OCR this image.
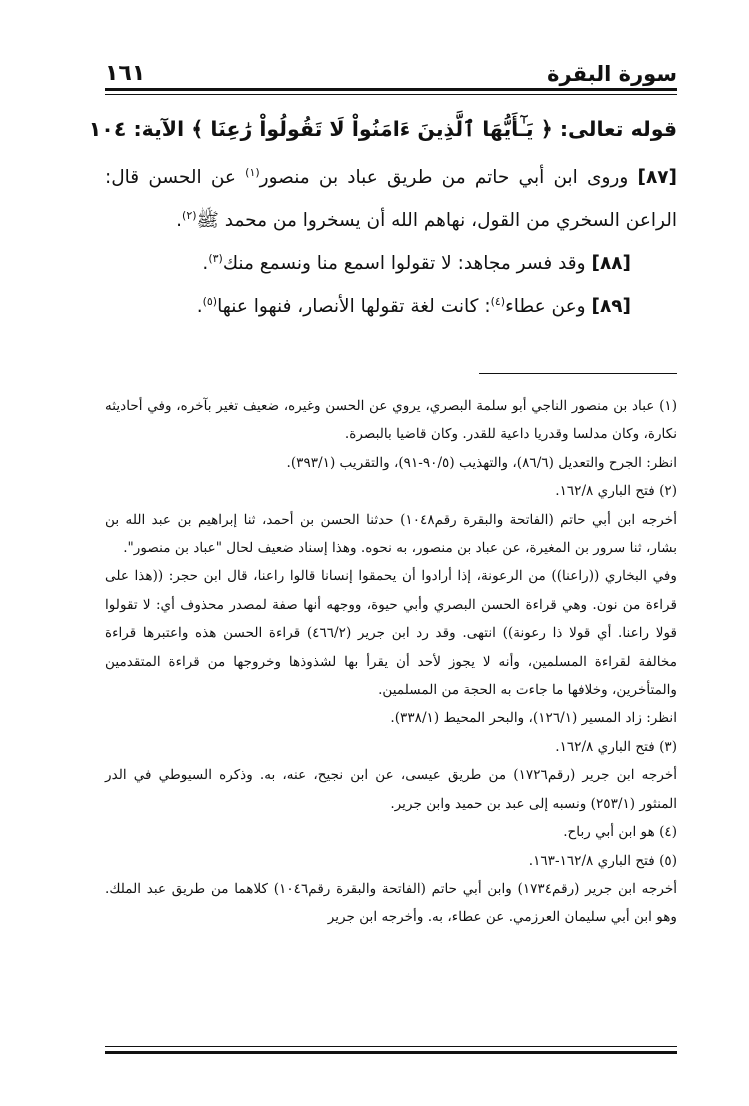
سورة البقرة
١٦١

قوله تعالى: ﴿ يَـٰٓأَيُّهَا ٱلَّذِينَ ءَامَنُواْ لَا تَقُولُواْ رَٰعِنَا ﴾ الآية: ١٠٤

[٨٧] وروى ابن أبي حاتم من طريق عباد بن منصور$^{(١)}$ عن الحسن قال: الراعن السخري من القول، نهاهم الله أن يسخروا من محمد ﷺ$^{(٢)}$.

[٨٨] وقد فسر مجاهد: لا تقولوا اسمع منا ونسمع منك$^{(٣)}$.

[٨٩] وعن عطاء$^{(٤)}$: كانت لغة تقولها الأنصار، فنهوا عنها$^{(٥)}$.

(١) عباد بن منصور الناجي أبو سلمة البصري، يروي عن الحسن وغيره، ضعيف تغير بآخره، وفي أحاديثه نكارة، وكان مدلسا وقدريا داعية للقدر. وكان قاضيا بالبصرة.

انظر: الجرح والتعديل (٨٦/٦)، والتهذيب (٩٠/٥-٩١)، والتقريب (٣٩٣/١).

(٢) فتح الباري ١٦٢/٨.

أخرجه ابن أبي حاتم (الفاتحة والبقرة رقم١٠٤٨) حدثنا الحسن بن أحمد، ثنا إبراهيم بن عبد الله بن بشار، ثنا سرور بن المغيرة، عن عباد بن منصور، به نحوه. وهذا إسناد ضعيف لحال "عباد بن منصور".

وفي البخاري ((راعنا)) من الرعونة، إذا أرادوا أن يحمقوا إنسانا قالوا راعنا، قال ابن حجر: ((هذا على قراءة من نون. وهي قراءة الحسن البصري وأبي حيوة، ووجهه أنها صفة لمصدر محذوف أي: لا تقولوا قولا راعنا. أي قولا ذا رعونة)) انتهى. وقد رد ابن جرير (٤٦٦/٢) قراءة الحسن هذه واعتبرها قراءة مخالفة لقراءة المسلمين، وأنه لا يجوز لأحد أن يقرأ بها لشذوذها وخروجها من قراءة المتقدمين والمتأخرين، وخلافها ما جاءت به الحجة من المسلمين.

انظر: زاد المسير (١٢٦/١)، والبحر المحيط (٣٣٨/١).

(٣) فتح الباري ١٦٢/٨.

أخرجه ابن جرير (رقم١٧٢٦) من طريق عيسى، عن ابن نجيح، عنه، به. وذكره السيوطي في الدر المنثور (٢٥٣/١) ونسبه إلى عبد بن حميد وابن جرير.

(٤) هو ابن أبي رباح.

(٥) فتح الباري ١٦٢/٨-١٦٣.

أخرجه ابن جرير (رقم١٧٣٤) وابن أبي حاتم (الفاتحة والبقرة رقم١٠٤٦) كلاهما من طريق عبد الملك. وهو ابن أبي سليمان العرزمي. عن عطاء، به. وأخرجه ابن جرير
